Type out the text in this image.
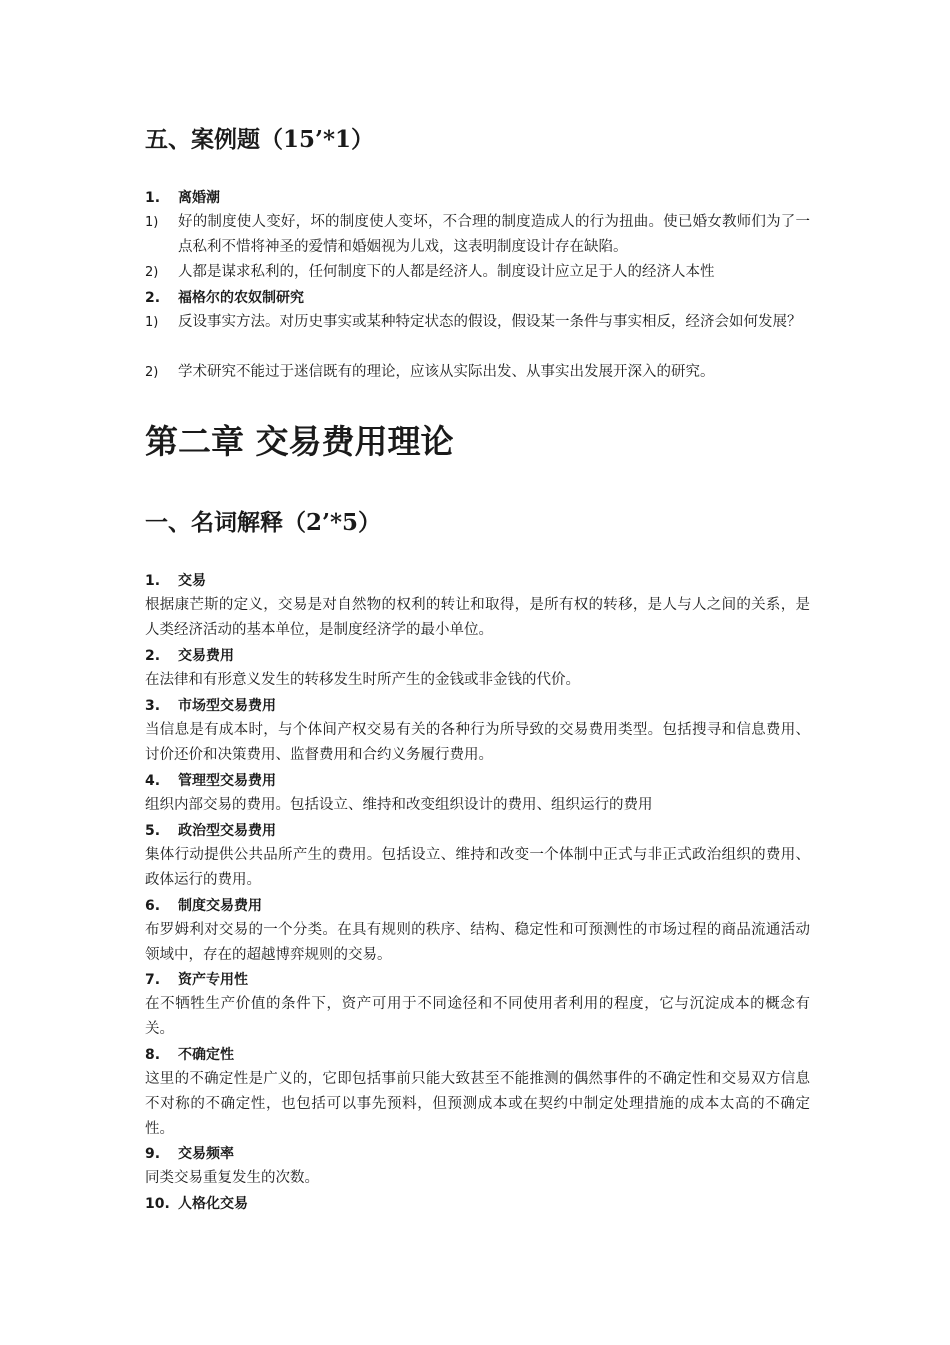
五、案例题（15’*1）
1. 离婚潮
1) 好的制度使人变好，坏的制度使人变坏，不合理的制度造成人的行为扭曲。使已婚女教师们为了一点私利不惜将神圣的爱情和婚姻视为儿戏，这表明制度设计存在缺陷。
2) 人都是谋求私利的，任何制度下的人都是经济人。制度设计应立足于人的经济人本性
2. 福格尔的农奴制研究
1) 反设事实方法。对历史事实或某种特定状态的假设，假设某一条件与事实相反，经济会如何发展？
2) 学术研究不能过于迷信既有的理论，应该从实际出发、从事实出发展开深入的研究。
第二章 交易费用理论
一、名词解释（2’*5）
1. 交易
根据康芒斯的定义，交易是对自然物的权利的转让和取得，是所有权的转移，是人与人之间的关系，是人类经济活动的基本单位，是制度经济学的最小单位。
2. 交易费用
在法律和有形意义发生的转移发生时所产生的金钱或非金钱的代价。
3. 市场型交易费用
当信息是有成本时，与个体间产权交易有关的各种行为所导致的交易费用类型。包括搜寻和信息费用、讨价还价和决策费用、监督费用和合约义务履行费用。
4. 管理型交易费用
组织内部交易的费用。包括设立、维持和改变组织设计的费用、组织运行的费用
5. 政治型交易费用
集体行动提供公共品所产生的费用。包括设立、维持和改变一个体制中正式与非正式政治组织的费用、政体运行的费用。
6. 制度交易费用
布罗姆利对交易的一个分类。在具有规则的秩序、结构、稳定性和可预测性的市场过程的商品流通活动领域中，存在的超越博弈规则的交易。
7. 资产专用性
在不牺牲生产价值的条件下，资产可用于不同途径和不同使用者利用的程度，它与沉淀成本的概念有关。
8. 不确定性
这里的不确定性是广义的，它即包括事前只能大致甚至不能推测的偶然事件的不确定性和交易双方信息不对称的不确定性，也包括可以事先预料，但预测成本或在契约中制定处理措施的成本太高的不确定性。
9. 交易频率
同类交易重复发生的次数。
10. 人格化交易
